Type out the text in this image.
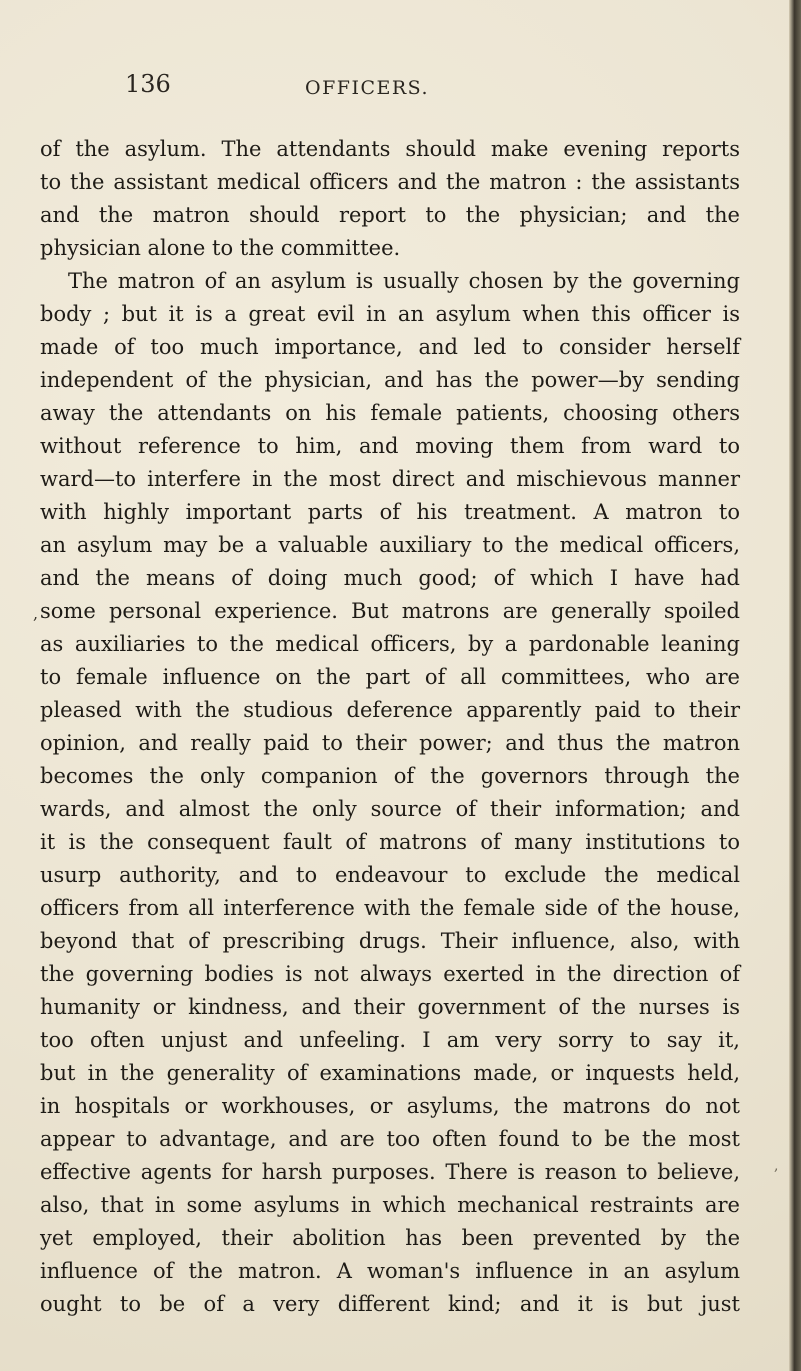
136	OFFICERS.
of the asylum. The attendants should make evening reports
to the assistant medical officers and the matron : the assistants
and the matron should report to the physician; and the
physician alone to the committee.
The matron of an asylum is usually chosen by the governing
body ; but it is a great evil in an asylum when this officer is
made of too much importance, and led to consider herself
independent of the physician, and has the power—by sending
away the attendants on his female patients, choosing others
without reference to him, and moving them from ward to
ward—to interfere in the most direct and mischievous manner
with highly important parts of his treatment. A matron to
an asylum may be a valuable auxiliary to the medical officers,
and the means of doing much good; of which I have had
some personal experience. But matrons are generally spoiled
as auxiliaries to the medical officers, by a pardonable leaning
to female influence on the part of all committees, who are
pleased with the studious deference apparently paid to their
opinion, and really paid to their power; and thus the matron
becomes the only companion of the governors through the
wards, and almost the only source of their information; and
it is the consequent fault of matrons of many institutions to
usurp authority, and to endeavour to exclude the medical
officers from all interference with the female side of the house,
beyond that of prescribing drugs. Their influence, also, with
the governing bodies is not always exerted in the direction of
humanity or kindness, and their government of the nurses is
too often unjust and unfeeling. I am very sorry to say it,
but in the generality of examinations made, or inquests held,
in hospitals or workhouses, or asylums, the matrons do not
appear to advantage, and are too often found to be the most
effective agents for harsh purposes. There is reason to believe,
also, that in some asylums in which mechanical restraints are
yet employed, their abolition has been prevented by the
influence of the matron. A woman's influence in an asylum
ought to be of a very different kind; and it is but just
,
,
